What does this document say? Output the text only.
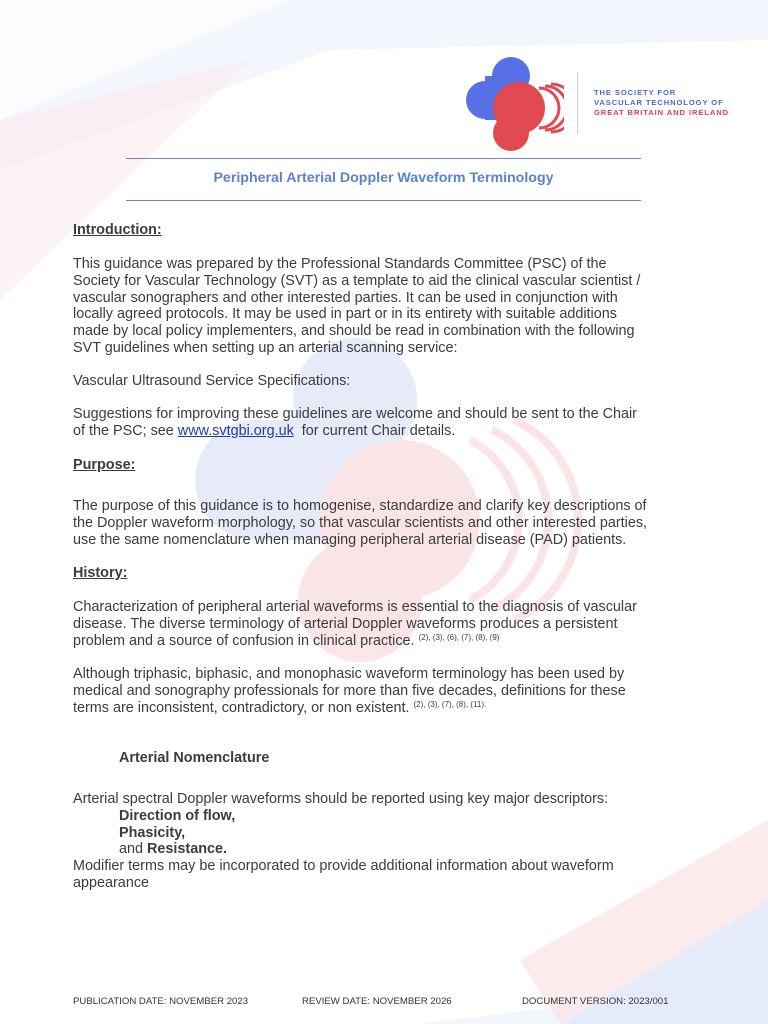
THE SOCIETY FOR
VASCULAR TECHNOLOGY OF
GREAT BRITAIN AND IRELAND
Peripheral Arterial Doppler Waveform Terminology
Introduction:
This guidance was prepared by the Professional Standards Committee (PSC) of the
Society for Vascular Technology (SVT) as a template to aid the clinical vascular scientist /
vascular sonographers and other interested parties. It can be used in conjunction with
locally agreed protocols. It may be used in part or in its entirety with suitable additions
made by local policy implementers, and should be read in combination with the following
SVT guidelines when setting up an arterial scanning service:
Vascular Ultrasound Service Specifications:
Suggestions for improving these guidelines are welcome and should be sent to the Chair
of the PSC; see www.svtgbi.org.uk  for current Chair details.
Purpose:
The purpose of this guidance is to homogenise, standardize and clarify key descriptions of
the Doppler waveform morphology, so that vascular scientists and other interested parties,
use the same nomenclature when managing peripheral arterial disease (PAD) patients.
History:
Characterization of peripheral arterial waveforms is essential to the diagnosis of vascular
disease. The diverse terminology of arterial Doppler waveforms produces a persistent
problem and a source of confusion in clinical practice. $^{(2), (3), (6), (7), (8), (9)}$
Although triphasic, biphasic, and monophasic waveform terminology has been used by
medical and sonography professionals for more than five decades, definitions for these
terms are inconsistent, contradictory, or non existent. $^{(2), (3), (7), (8), (11).}$
Arterial Nomenclature
Arterial spectral Doppler waveforms should be reported using key major descriptors:
Direction of flow,
Phasicity,
and Resistance.
Modifier terms may be incorporated to provide additional information about waveform
appearance
PUBLICATION DATE: NOVEMBER 2023	REVIEW DATE: NOVEMBER 2026	DOCUMENT VERSION: 2023/001
